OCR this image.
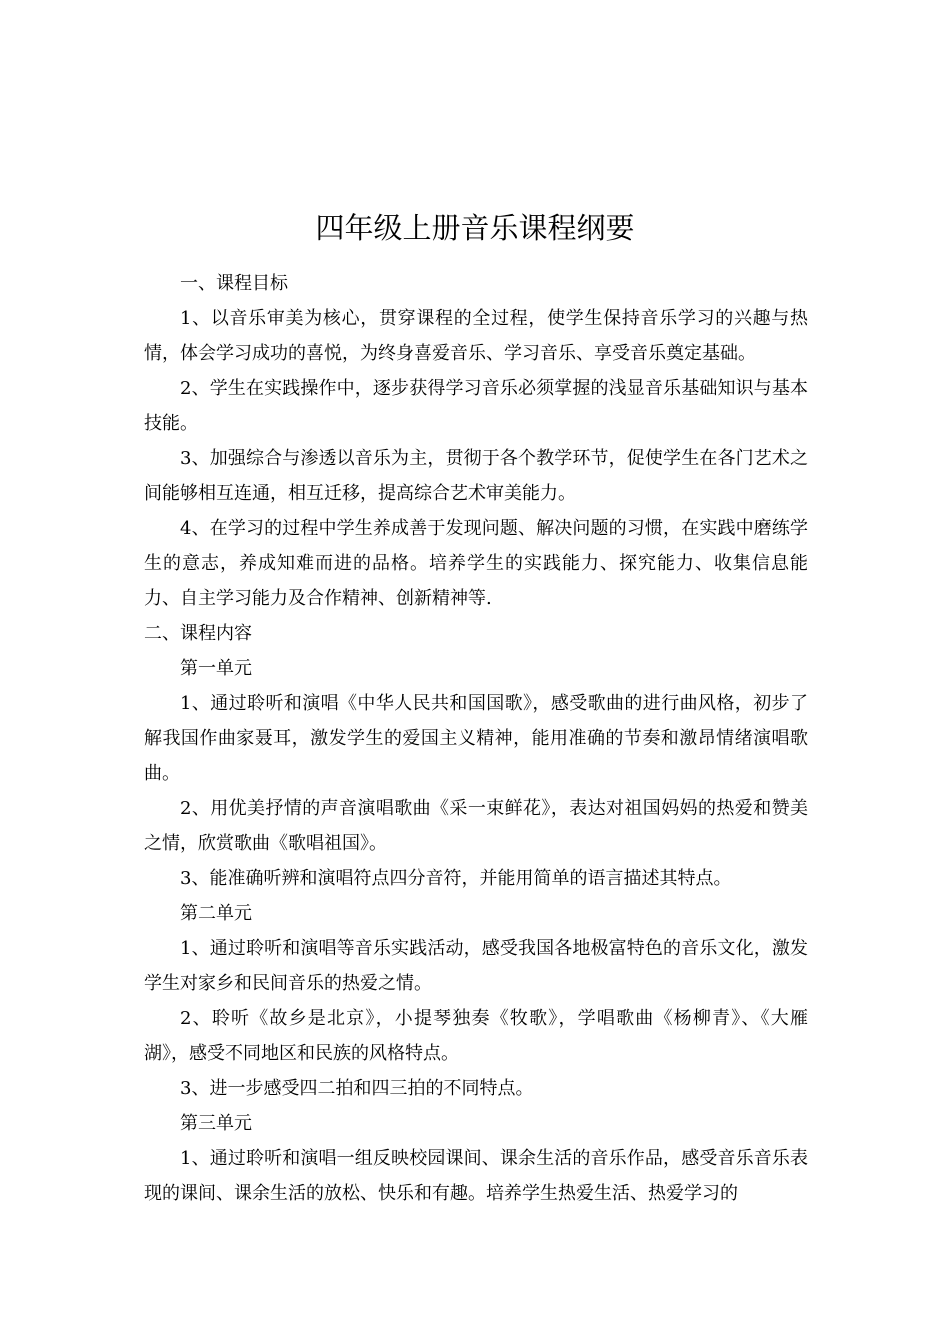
四年级上册音乐课程纲要

一、课程目标

1、以音乐审美为核心，贯穿课程的全过程，使学生保持音乐学习的兴趣与热情，体会学习成功的喜悦，为终身喜爱音乐、学习音乐、享受音乐奠定基础。

2、学生在实践操作中，逐步获得学习音乐必须掌握的浅显音乐基础知识与基本技能。

3、加强综合与渗透以音乐为主，贯彻于各个教学环节，促使学生在各门艺术之间能够相互连通，相互迁移，提高综合艺术审美能力。

4、在学习的过程中学生养成善于发现问题、解决问题的习惯，在实践中磨练学生的意志，养成知难而进的品格。培养学生的实践能力、探究能力、收集信息能力、自主学习能力及合作精神、创新精神等.

二、课程内容

第一单元

1、通过聆听和演唱《中华人民共和国国歌》，感受歌曲的进行曲风格，初步了解我国作曲家聂耳，激发学生的爱国主义精神，能用准确的节奏和激昂情绪演唱歌曲。

2、用优美抒情的声音演唱歌曲《采一束鲜花》，表达对祖国妈妈的热爱和赞美之情，欣赏歌曲《歌唱祖国》。

3、能准确听辨和演唱符点四分音符，并能用简单的语言描述其特点。

第二单元

1、通过聆听和演唱等音乐实践活动，感受我国各地极富特色的音乐文化，激发学生对家乡和民间音乐的热爱之情。

2、聆听《故乡是北京》，小提琴独奏《牧歌》，学唱歌曲《杨柳青》、《大雁湖》，感受不同地区和民族的风格特点。

3、进一步感受四二拍和四三拍的不同特点。

第三单元

1、通过聆听和演唱一组反映校园课间、课余生活的音乐作品，感受音乐音乐表现的课间、课余生活的放松、快乐和有趣。培养学生热爱生活、热爱学习的
